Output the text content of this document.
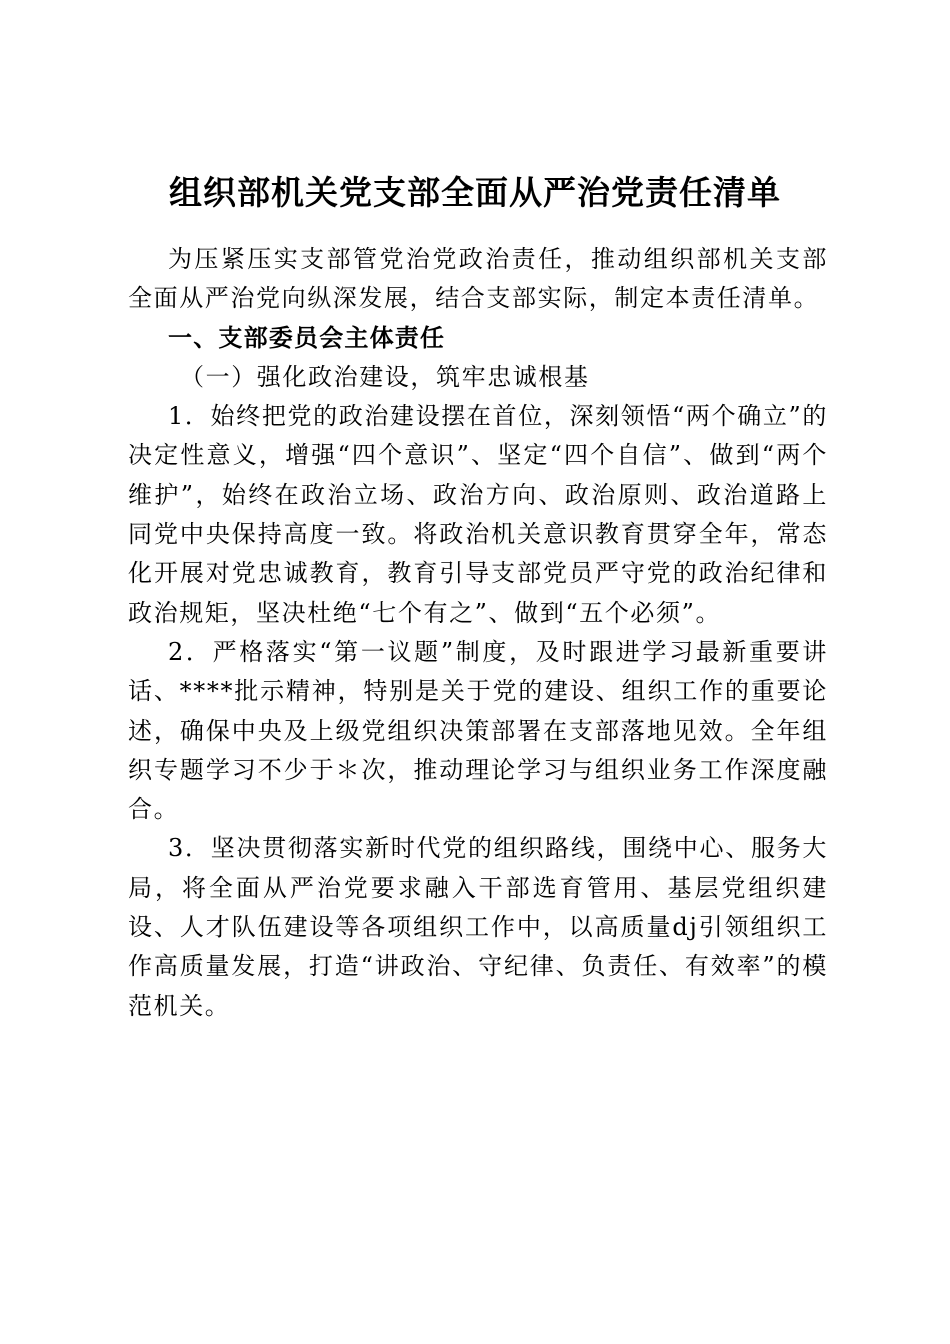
组织部机关党支部全面从严治党责任清单

为压紧压实支部管党治党政治责任，推动组织部机关支部全面从严治党向纵深发展，结合支部实际，制定本责任清单。

一、支部委员会主体责任

（一）强化政治建设，筑牢忠诚根基

1．始终把党的政治建设摆在首位，深刻领悟“两个确立”的决定性意义，增强“四个意识”、坚定“四个自信”、做到“两个维护”，始终在政治立场、政治方向、政治原则、政治道路上同党中央保持高度一致。将政治机关意识教育贯穿全年，常态化开展对党忠诚教育，教育引导支部党员严守党的政治纪律和政治规矩，坚决杜绝“七个有之”、做到“五个必须”。

2．严格落实“第一议题”制度，及时跟进学习最新重要讲话、****批示精神，特别是关于党的建设、组织工作的重要论述，确保中央及上级党组织决策部署在支部落地见效。全年组织专题学习不少于＊次，推动理论学习与组织业务工作深度融合。

3．坚决贯彻落实新时代党的组织路线，围绕中心、服务大局，将全面从严治党要求融入干部选育管用、基层党组织建设、人才队伍建设等各项组织工作中，以高质量dj引领组织工作高质量发展，打造“讲政治、守纪律、负责任、有效率”的模范机关。
